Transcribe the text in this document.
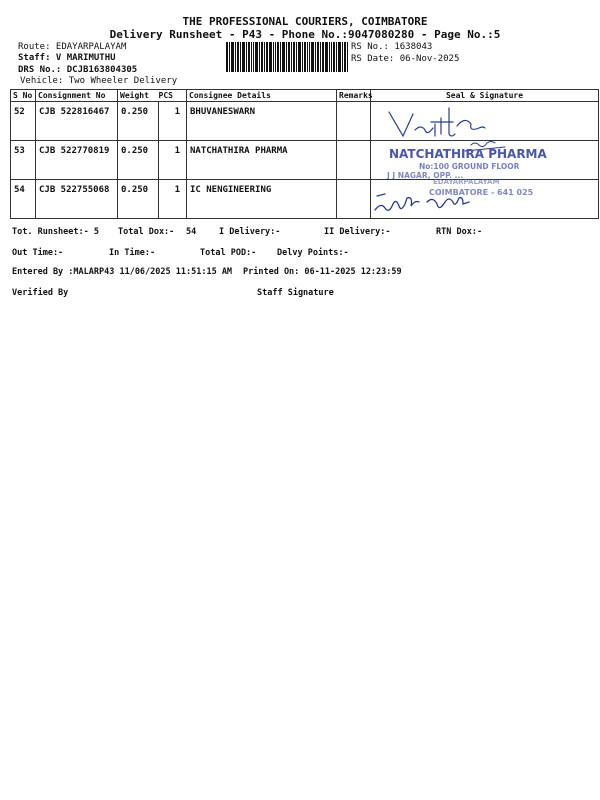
THE PROFESSIONAL COURIERS, COIMBATORE
Delivery Runsheet - P43 - Phone No.:9047080280 - Page No.:5
Route: EDAYARPALAYAM
Staff: V MARIMUTHU
DRS No.: DCJB163804305
Vehicle: Two Wheeler Delivery
RS No.: 1638043
RS Date: 06-Nov-2025
S No	Consignment No	Weight PCS		Consignee Details	Remarks	Seal & Signature
52	CJB 522816467	0.250	1	BHUVANESWARN		

53	CJB 522770819	0.250	1	NATCHATHIRA PHARMA		NATCHATHIRA PHARMA
No:100 GROUND FLOOR
J J NAGAR, OPP. ...

54	CJB 522755068	0.250	1	IC NENGINEERING		EDAYARPALAYAM
COIMBATORE - 641 025
Tot. Runsheet:- 5 Total Dox:- 54	I Delivery:-	II Delivery:-	RTN Dox:-
Out Time:-	In Time:-	Total POD:- Delvy Points:-
Entered By :MALARP43 11/06/2025 11:51:15 AM Printed On: 06-11-2025 12:23:59
Verified By	Staff Signature
